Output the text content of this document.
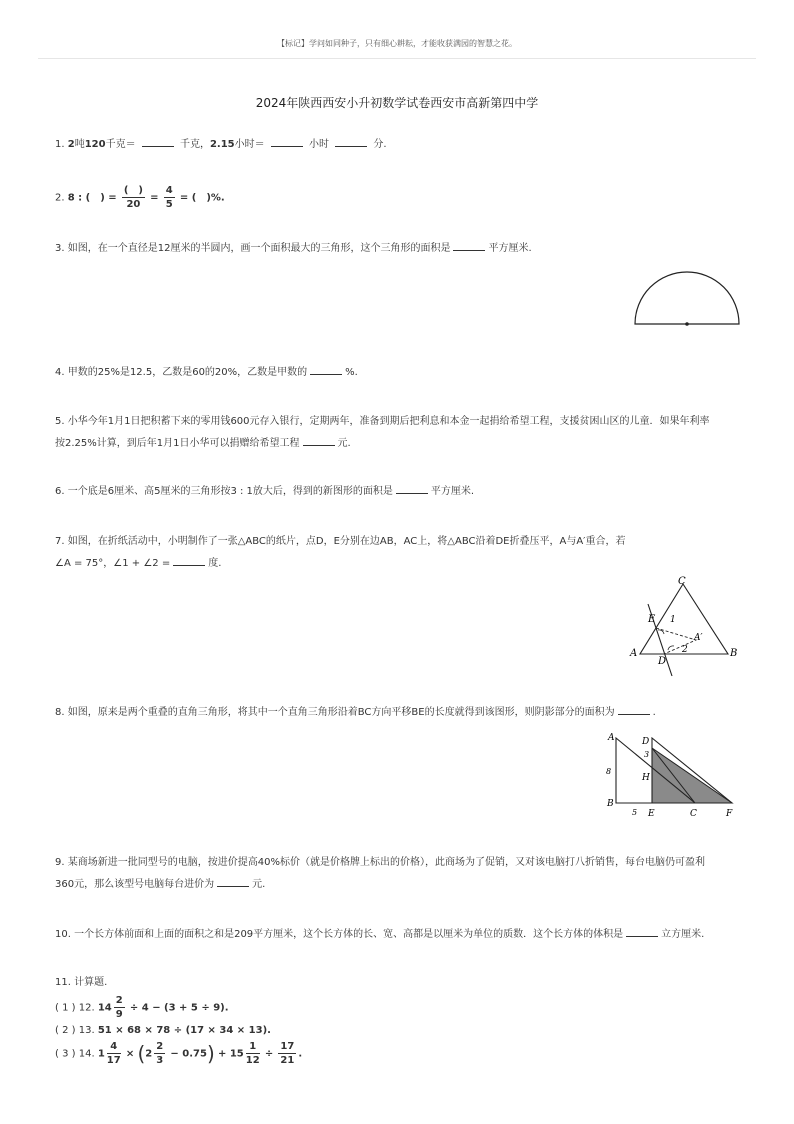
【标记】学问如同种子，只有细心耕耘，才能收获满园的智慧之花。
2024年陕西西安小升初数学试卷西安市高新第四中学
1. 2吨120千克＝	千克，2.15小时＝	小时	分.
2. 8 : (　) = $\frac{( )}{20} = \frac{4}{5}$ = (　)%.
3. 如图，在一个直径是12厘米的半圆内，画一个面积最大的三角形，这个三角形的面积是	平方厘米.
4. 甲数的25%是12.5，乙数是60的20%，乙数是甲数的	%.
5. 小华今年1月1日把积蓄下来的零用钱600元存入银行，定期两年，准备到期后把利息和本金一起捐给希望工程，支援贫困山区的儿童．如果年利率
按2.25%计算，到后年1月1日小华可以捐赠给希望工程	元.
6. 一个底是6厘米、高5厘米的三角形按3 : 1放大后，得到的新图形的面积是	平方厘米.
7. 如图，在折纸活动中，小明制作了一张△ABC的纸片，点D，E分别在边AB，AC上，将△ABC沿着DE折叠压平，A与A′重合，若
∠A = 75°，∠1 + ∠2 =	度.
C
E 1
A′
2
A
D
B
8. 如图，原来是两个重叠的直角三角形，将其中一个直角三角形沿着BC方向平移BE的长度就得到该图形，则阴影部分的面积为	.
A	D
3
8
H
B
5 E	C	F
9. 某商场新进一批同型号的电脑，按进价提高40%标价（就是价格牌上标出的价格），此商场为了促销，又对该电脑打八折销售，每台电脑仍可盈利
360元，那么该型号电脑每台进价为	元.
10. 一个长方体前面和上面的面积之和是209平方厘米，这个长方体的长、宽、高都是以厘米为单位的质数．这个长方体的体积是	立方厘米.
11. 计算题.
( 1 ) 12. $14 \frac{2}{9} \div 4 - (3 + 5 \div 9)$.
( 2 ) 13. 51 × 68 × 78 ÷ (17 × 34 × 13).
( 3 ) 14. $1 \frac{4}{17} \times (2 \frac{2}{3} - 0.75) + 15 \frac{1}{12} \div \frac{17}{21}$ .
